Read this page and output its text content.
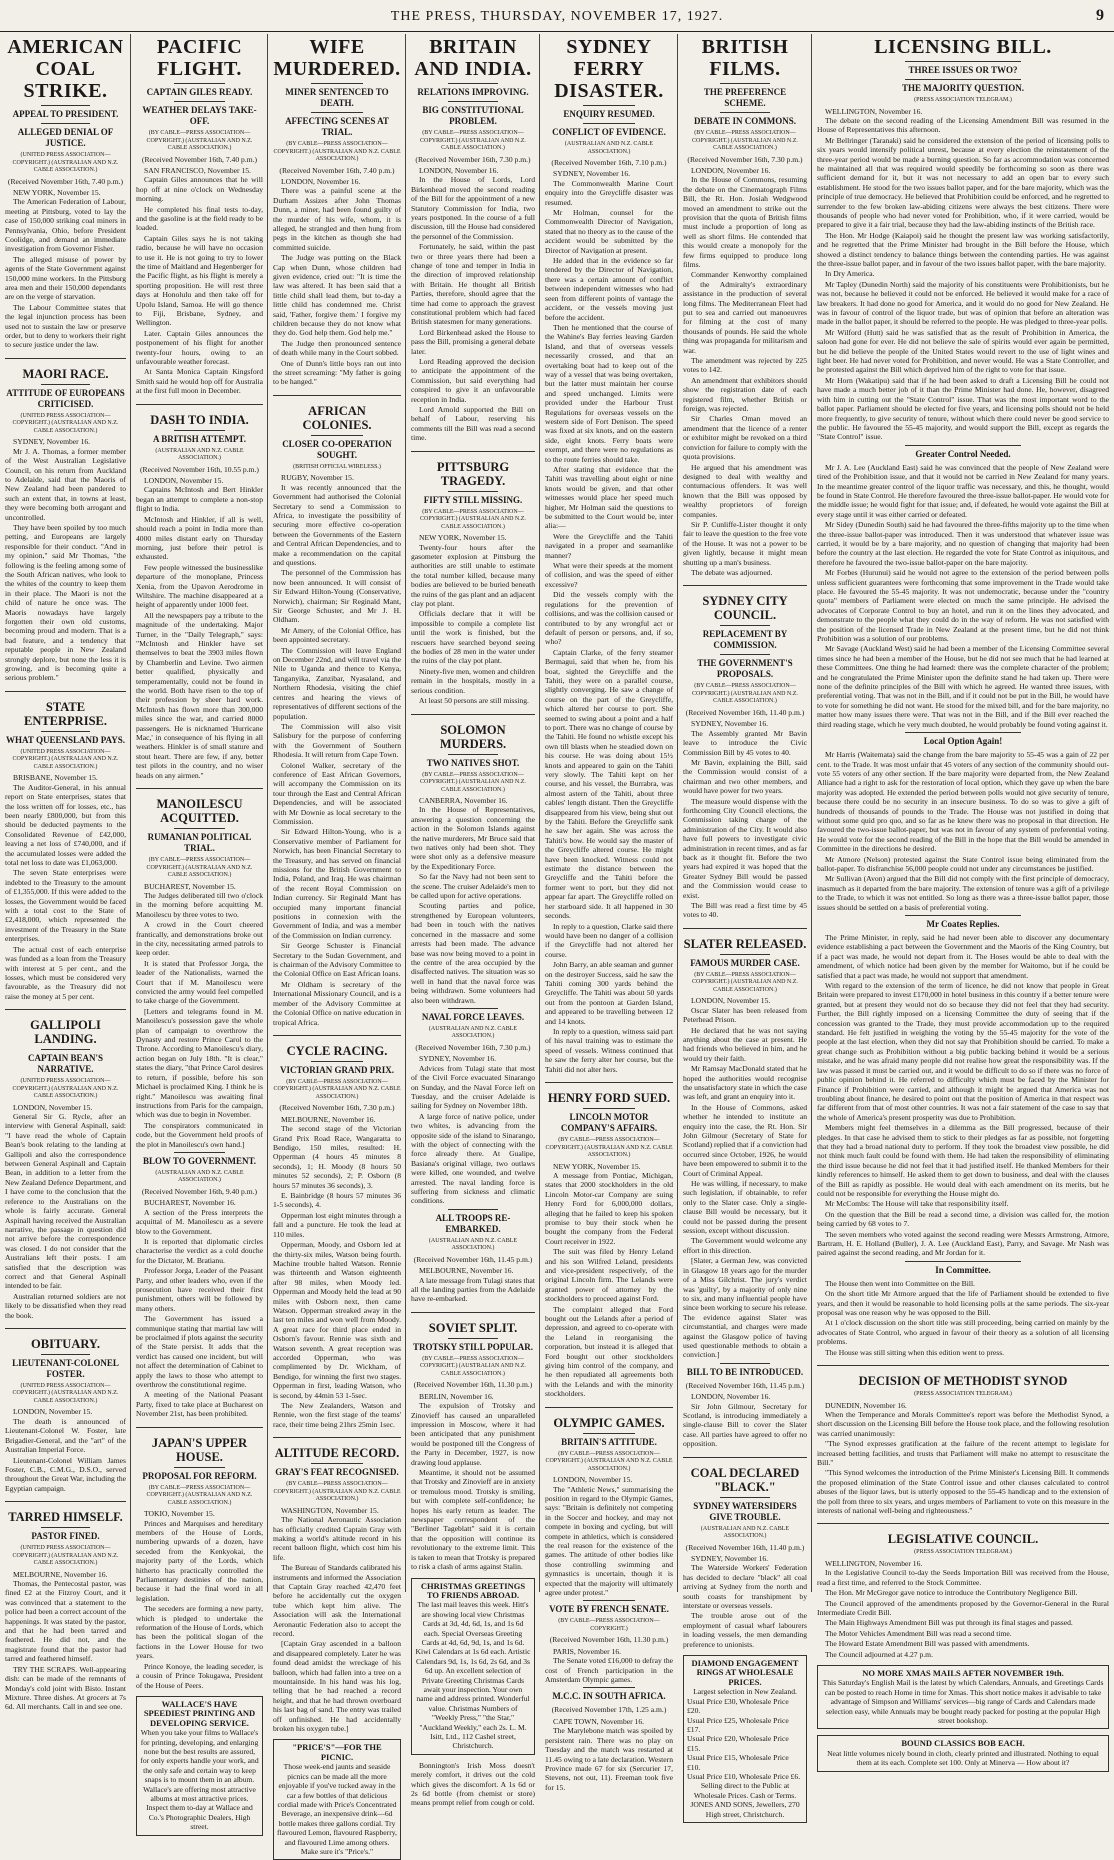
THE PRESS, THURSDAY, NOVEMBER 17, 1927.	9
AMERICAN COAL STRIKE.
APPEAL TO PRESIDENT.
ALLEGED DENIAL OF JUSTICE.
(UNITED PRESS ASSOCIATION—COPYRIGHT.) (AUSTRALIAN AND N.Z. CABLE ASSOCIATION.)
(Received November 16th, 7.40 p.m.)
NEW YORK, November 15.

The American Federation of Labour, meeting at Pittsburg, voted to lay the case of 150,000 striking coal miners in Pennsylvania, Ohio, before President Coolidge, and demand an immediate investigation from Governor Fisher.

The alleged misuse of power by agents of the State Government against 150,000 mine workers. In the Pittsburg area men and their 150,000 dependants are on the verge of starvation.

The Labour Committee states that the legal injunction process has been used not to sustain the law or preserve order, but to deny to workers their right to secure justice under the law.

MAORI RACE.
ATTITUDE OF EUROPEANS CRITICISED.
(UNITED PRESS ASSOCIATION—COPYRIGHT.) (AUSTRALIAN AND N.Z. CABLE ASSOCIATION.)
SYDNEY, November 16.

Mr J. A. Thomas, a former member of the West Australian Legislative Council, on his return from Auckland to Adelaide, said that the Maoris of New Zealand had been pandered to such an extent that, in towns at least, they were becoming both arrogant and uncontrolled.

They have been spoiled by too much petting, and Europeans are largely responsible for their conduct. "And in my opinion," said Mr Thomas, "the following is the feeling among some of the South African natives, who look to the whites of the country to keep them in their place. The Maori is not the child of nature he once was. The Maoris nowadays have largely forgotten their own old customs, becoming proud and modern. That is a bad feature, and a tendency that reputable people in New Zealand strongly deplore, but none the less it is growing, and is becoming quite a serious problem."

STATE ENTERPRISE.
WHAT QUEENSLAND PAYS.
(UNITED PRESS ASSOCIATION—COPYRIGHT.) (AUSTRALIAN AND N.Z. CABLE ASSOCIATION.)
BRISBANE, November 15.

The Auditor-General, in his annual report on State enterprises, states that the loss written off for losses, etc., has been nearly £800,000, but from this should be deducted payments to the Consolidated Revenue of £42,000, leaving a net loss of £740,000, and if the accumulated losses were added the total net loss to date was £1,063,000.

The seven State enterprises were indebted to the Treasury to the amount of £1,355,000. If this were added to the losses, the Government would be faced with a total cost to the State of £2,418,000, which represented the investment of the Treasury in the State enterprises.

The actual cost of each enterprise was funded as a loan from the Treasury with interest at 5 per cent., and the losses, which must be considered very favourable, as the Treasury did not raise the money at 5 per cent.

GALLIPOLI LANDING.
CAPTAIN BEAN'S NARRATIVE.
(UNITED PRESS ASSOCIATION—COPYRIGHT.) (AUSTRALIAN AND N.Z. CABLE ASSOCIATION.)
LONDON, November 15.

General Sir G. Rycle, after an interview with General Aspinall, said: "I have read the whole of Captain Bean's book relating to the landing at Gallipoli and also the correspondence between General Aspinall and Captain Bean, in addition to a letter from the New Zealand Defence Department, and I have come to the conclusion that the reference to the Australians on the whole is fairly accurate. General Aspinall having received the Australian narrative, the passage in question did not arrive before the correspondence was closed. I do not consider that the Australians left their posts. I am satisfied that the description was correct and that General Aspinall intended to be fair.

Australian returned soldiers are not likely to be dissatisfied when they read the book.

OBITUARY.
LIEUTENANT-COLONEL FOSTER.
(UNITED PRESS ASSOCIATION—COPYRIGHT.) (AUSTRALIAN AND N.Z. CABLE ASSOCIATION.)
LONDON, November 15.

The death is announced of Lieutenant-Colonel W. Foster, late Brigadier-General, and the "art" of the Australian Imperial Force.

Lieutenant-Colonel William James Foster, C.B., C.M.G., D.S.O., served throughout the Great War, including the Egyptian campaign.

TARRED HIMSELF.
PASTOR FINED.
(UNITED PRESS ASSOCIATION—COPYRIGHT.) (AUSTRALIAN AND N.Z. CABLE ASSOCIATION.)
MELBOURNE, November 16.

Thomas, the Pentecostal pastor, was fined £2 at the Fitzroy Court, and it was convinced that a statement to the police had been a correct account of the happenings. It was stated by the pastor, and that he had been tarred and feathered. He did not, and the magistrate found that the pastor had tarred and feathered himself.

TRY THE SCRAPS. Well-appearing dish: can be made of the remnants of Monday's cold joint with Bisto. Instant Mixture. Three dishes. At grocers at 7s 6d. All merchants. Call in and see one.

PACIFIC FLIGHT.
CAPTAIN GILES READY.
WEATHER DELAYS TAKE-OFF.
(BY CABLE—PRESS ASSOCIATION—COPYRIGHT.) (AUSTRALIAN AND N.Z. CABLE ASSOCIATION.)
(Received November 16th, 7.40 p.m.)
SAN FRANCISCO, November 15.

Captain Giles announces that he will hop off at nine o'clock on Wednesday morning.

He completed his final tests to-day, and the gasoline is at the field ready to be loaded.

Captain Giles says he is not taking radio, because he will have no occasion to use it. He is not going to try to lower the time of Maitland and Hegenberger for the Pacific flight, as his flight is merely a sporting proposition. He will rest three days at Honolulu and then take off for Upolu Island, Samoa. He will go thence to Fiji, Brisbane, Sydney, and Wellington.

Later. Captain Giles announces the postponement of his flight for another twenty-four hours, owing to an unfavourable weather forecast.

At Santa Monica Captain Kingsford Smith said he would hop off for Australia at the first full moon in December.

DASH TO INDIA.
A BRITISH ATTEMPT.
(AUSTRALIAN AND N.Z. CABLE ASSOCIATION.)
(Received November 16th, 10.55 p.m.)
LONDON, November 15.

Captains McIntosh and Bert Hinkler began an attempt to complete a non-stop flight to India.

McIntosh and Hinkler, if all is well, should reach a point in India more than 4000 miles distant early on Thursday morning, just before their petrol is exhausted.

Few people witnessed the businesslike departure of the monoplane, Princess Xenia, from the Upavon Aerodrome in Wiltshire. The machine disappeared at a height of apparently under 1000 feet.

All the newspapers pay a tribute to the magnitude of the undertaking. Major Turner, in the "Daily Telegraph," says: "McIntosh and Hinkler have set themselves to beat the 3903 miles flown by Chamberlin and Levine. Two airmen better qualified, physically and temperamentally, could not be found in the world. Both have risen to the top of their profession by sheer hard work. McIntosh has flown more than 300,000 miles since the war, and carried 8000 passengers. He is nicknamed 'Hurricane Mac,' in consequence of his flying in all weathers. Hinkler is of small stature and stout heart. There are few, if any, better test pilots in the country, and no wiser heads on any airmen."

MANOILESCU ACQUITTED.
RUMANIAN POLITICAL TRIAL.
(BY CABLE—PRESS ASSOCIATION—COPYRIGHT.) (AUSTRALIAN AND N.Z. CABLE ASSOCIATION.)
BUCHAREST, November 15.

The Judges deliberated till two o'clock in the morning before acquitting M. Manoilescu by three votes to two.

A crowd in the Court cheered frantically, and demonstrations broke out in the city, necessitating armed patrols to keep order.

It is stated that Professor Jorga, the leader of the Nationalists, warned the Court that if M. Manoilescu were convicted the army would feel compelled to take charge of the Government.

[Letters and telegrams found in M. Manoilescu's possession gave the whole plan of campaign to overthrow the Dynasty and restore Prince Carol to the Throne. According to Manoilescu's diary, action began on July 18th. "It is clear," states the diary, "that Prince Carol desires to return, if possible, before his son Michael is proclaimed King. I think he is right." Manoilescu was awaiting final instructions from Paris for the campaign, which was due to begin in November.

The conspirators communicated in code, but the Government held proofs of the plot in Manoilescu's own hand.]

BLOW TO GOVERNMENT.
(AUSTRALIAN AND N.Z. CABLE ASSOCIATION.)
(Received November 16th, 9.40 p.m.)
BUCHAREST, November 16.

A section of the Press interprets the acquittal of M. Manoilescu as a severe blow to the Government.

It is reported that diplomatic circles characterise the verdict as a cold douche for the Dictator, M. Bratianu.

Professor Jorga, Leader of the Peasant Party, and other leaders who, even if the prosecution have received their first punishment, others will be followed by many others.

The Government has issued a communique stating that martial law will be proclaimed if plots against the security of the State persist. It adds that the verdict has caused one incident, but will not affect the determination of Cabinet to apply the laws to those who attempt to overthrow the constitutional regime.

A meeting of the National Peasant Party, fixed to take place at Bucharest on November 21st, has been prohibited.

JAPAN'S UPPER HOUSE.
PROPOSAL FOR REFORM.
(BY CABLE—PRESS ASSOCIATION—COPYRIGHT.) (AUSTRALIAN AND N.Z. CABLE ASSOCIATION.)
TOKIO, November 15.

Princes and Marquises and hereditary members of the House of Lords, numbering upwards of a dozen, have seceded from the Kenkyokai, the majority party of the Lords, which hitherto has practically controlled the Parliamentary destinies of the nation, because it had the final word in all legislation.

The seceders are forming a new party, which is pledged to undertake the reformation of the House of Lords, which has been the political slogan of the factions in the Lower House for two years.

Prince Konoye, the leading seceder, is a cousin of Prince Tokugawa, President of the House of Peers.

WALLACE'S HAVE SPEEDIEST PRINTING AND DEVELOPING SERVICE.
When you take your films to Wallace's for printing, developing, and enlarging none but the best results are assured, for only experts handle your work, and the only safe and certain way to keep snaps is to mount them in an album. Wallace's are offering most attractive albums at most attractive prices. Inspect them to-day at Wallace and Co.'s Photographic Dealers, High street.
WIFE MURDERED.
MINER SENTENCED TO DEATH.
AFFECTING SCENES AT TRIAL.
(BY CABLE—PRESS ASSOCIATION—COPYRIGHT.) (AUSTRALIAN AND N.Z. CABLE ASSOCIATION.)
(Received November 16th, 7.40 p.m.)
LONDON, November 16.

There was a painful scene at the Durham Assizes after John Thomas Dunn, a miner, had been found guilty of the murder of his wife, whom, it is alleged, he strangled and then hung from pegs in the kitchen as though she had committed suicide.

The Judge was putting on the Black Cap when Dunn, whose children had given evidence, cried out: "It is time the law was altered. It has been said that a little child shall lead them, but to-day a little child has condemned me. Christ said, 'Father, forgive them.' I forgive my children because they do not know what they do. God help them. God help me."

The Judge then pronounced sentence of death while many in the Court sobbed.

One of Dunn's little boys ran out into the street screaming: "My father is going to be hanged."

AFRICAN COLONIES.
CLOSER CO-OPERATION SOUGHT.
(BRITISH OFFICIAL WIRELESS.)
RUGBY, November 15.

It was recently announced that the Government had authorised the Colonial Secretary to send a Commission to Africa, to investigate the possibility of securing more effective co-operation between the Governments of the Eastern and Central African Dependencies, and to make a recommendation on the capital and questions.

The personnel of the Commission has now been announced. It will consist of Sir Edward Hilton-Young (Conservative, Norwich), chairman; Sir Reginald Mant, Sir George Schuster, and Mr J. H. Oldham.

Mr Amery, of the Colonial Office, has been appointed secretary.

The Commission will leave England on December 22nd, and will travel via the Nile to Uganda and thence to Kenya, Tanganyika, Zanzibar, Nyasaland, and Northern Rhodesia, visiting the chief centres and hearing the views of representatives of different sections of the population.

The Commission will also visit Salisbury for the purpose of conferring with the Government of Southern Rhodesia. It will return from Cape Town.

Colonel Walker, secretary of the conference of East African Governors, will accompany the Commission on its tour through the East and Central African Dependencies, and will be associated with Mr Downie as local secretary to the Commission.

Sir Edward Hilton-Young, who is a Conservative member of Parliament for Norwich, has been Financial Secretary to the Treasury, and has served on financial missions for the British Government to India, Poland, and Iraq. He was chairman of the recent Royal Commission on Indian currency. Sir Reginald Mant has occupied many important financial positions in connexion with the Government of India, and was a member of the Commission on Indian currency.

Sir George Schuster is Financial Secretary to the Sudan Government, and is chairman of the Advisory Committee to the Colonial Office on East African loans.

Mr Oldham is secretary of the International Missionary Council, and is a member of the Advisory Committee at the Colonial Office on native education in tropical Africa.

CYCLE RACING.
VICTORIAN GRAND PRIX.
(BY CABLE—PRESS ASSOCIATION—COPYRIGHT.) (AUSTRALIAN AND N.Z. CABLE ASSOCIATION.)
(Received November 16th, 7.30 p.m.)
MELBOURNE, November 16.

The second stage of the Victorian Grand Prix Road Race, Wangaratta to Bendigo, 150 miles, resulted: H. Opperman (4 hours 45 minutes 8 seconds), 1; H. Moody (8 hours 50 minutes 52 seconds), 2; P. Osborn (8 hours 57 minutes 36 seconds), 3.

E. Bainbridge (8 hours 57 minutes 36 1-5 seconds), 4.

Opperman lost eight minutes through a fall and a puncture. He took the lead at 110 miles.

Opperman, Moody, and Osborn led at the thirty-six miles, Watson being fourth. Machine trouble halted Watson. Rennie was thirteenth and Watson eighteenth after 98 miles, when Moody led. Opperman and Moody held the lead at 90 miles with Osborn next, then came Watson. Opperman streaked away in the last ten miles and won well from Moody. A great race for third place ended in Osborn's favour. Rennie was sixth and Watson seventh. A great reception was accorded Opperman, who was complimented by Dr. Wickham, of Bendigo, for winning the first two stages. Opperman in first, leading Watson, who is second, by 44min 53 1-5sec.

The New Zealanders, Watson and Rennie, won the first stage of the teams' race, their time being 21hrs 25min 1sec.

ALTITUDE RECORD.
GRAY'S FEAT RECOGNISED.
(BY CABLE—PRESS ASSOCIATION—COPYRIGHT.) (AUSTRALIAN AND N.Z. CABLE ASSOCIATION.)
WASHINGTON, November 15.

The National Aeronautic Association has officially credited Captain Gray with making a world's altitude record in his recent balloon flight, which cost him his life.

The Bureau of Standards calibrated his instruments and informed the Association that Captain Gray reached 42,470 feet before he accidentally cut the oxygen tube which kept him alive. The Association will ask the International Aeronautic Federation also to accept the record.

[Captain Gray ascended in a balloon and disappeared completely. Later he was found dead amidst the wreckage of his balloon, which had fallen into a tree on a mountainside. In his hand was his log, telling that he had reached a record height, and that he had thrown overboard his last bag of sand. The entry was trailed off unfinished. He had accidentally broken his oxygen tube.]

"PRICE'S"—FOR THE PICNIC.
Those week-end jaunts and seaside picnics can be made all the more enjoyable if you've tucked away in the car a few bottles of that delicious cordial made with Price's Concentrated Beverage, an inexpensive drink—6d bottle makes three gallons cordial. Try flavoured Lemon, flavoured Raspberry, and flavoured Lime among others. Make sure it's "Price's."
BRITAIN AND INDIA.
RELATIONS IMPROVING.
BIG CONSTITUTIONAL PROBLEM.
(BY CABLE—PRESS ASSOCIATION—COPYRIGHT.) (AUSTRALIAN AND N.Z. CABLE ASSOCIATION.)
(Received November 16th, 7.30 p.m.)
LONDON, November 16.

In the House of Lords, Lord Birkenhead moved the second reading of the Bill for the appointment of a new Statutory Commission for India, two years postponed. In the course of a full discussion, till the House had considered the personnel of the Commission.

Fortunately, he said, within the past two or three years there had been a change of tone and temper in India in the direction of improved relationship with Britain. He thought all British Parties, therefore, should agree that the time had come to approach the gravest constitutional problem which had faced British statesmen for many generations.

Lord Birkenhead asked the House to pass the Bill, promising a general debate later.

Lord Reading approved the decision to anticipate the appointment of the Commission, but said everything had conspired to give it an unfavourable reception in India.

Lord Arnold supported the Bill on behalf of Labour, reserving his comments till the Bill was read a second time.

PITTSBURG TRAGEDY.
FIFTY STILL MISSING.
(BY CABLE—PRESS ASSOCIATION—COPYRIGHT.) (AUSTRALIAN AND N.Z. CABLE ASSOCIATION.)
NEW YORK, November 15.

Twenty-four hours after the gasometer explosion at Pittsburg the authorities are still unable to estimate the total number killed, because many bodies are believed to be buried beneath the ruins of the gas plant and an adjacent clay pot plant.

Officials declare that it will be impossible to compile a complete list until the work is finished, but the rescuers have searched beyond seeing the bodies of 28 men in the water under the ruins of the clay pot plant.

Ninety-five men, women and children remain in the hospitals, mostly in a serious condition.

At least 50 persons are still missing.

SOLOMON MURDERS.
TWO NATIVES SHOT.
(BY CABLE—PRESS ASSOCIATION—COPYRIGHT.) (AUSTRALIAN AND N.Z. CABLE ASSOCIATION.)
CANBERRA, November 16.

In the House of Representatives, answering a question concerning the action in the Solomon Islands against the native murderers, Mr Bruce said that two natives only had been shot. They were shot only as a defensive measure by the Expeditionary Force.

So far the Navy had not been sent to the scene. The cruiser Adelaide's men to be called upon for active operations.

Scouting parties and police, strengthened by European volunteers, had been in touch with the natives concerned in the massacre and some arrests had been made. The advance base was now being moved to a point in the centre of the area occupied by the disaffected natives. The situation was so well in hand that the naval force was being withdrawn. Some volunteers had also been withdrawn.

NAVAL FORCE LEAVES.
(AUSTRALIAN AND N.Z. CABLE ASSOCIATION.)
(Received November 16th, 7.30 p.m.)
SYDNEY, November 16.

Advices from Tulagi state that most of the Civil Force evacuated Sinarango on Sunday, and the Naval Force left on Tuesday, and the cruiser Adelaide is sailing for Sydney on November 18th.

A large force of native police, under two whites, is advancing from the opposite side of the island to Sinarango, with the object of connecting with the force already there. At Gualipe, Basiana's original village, two outlaws were killed, one wounded, and twelve arrested. The naval landing force is suffering from sickness and climatic conditions.

ALL TROOPS RE-EMBARKED.
(AUSTRALIAN AND N.Z. CABLE ASSOCIATION.)
(Received November 16th, 11.45 p.m.)
MELBOURNE, November 16.

A late message from Tulagi states that all the landing parties from the Adelaide have re-embarked.

SOVIET SPLIT.
TROTSKY STILL POPULAR.
(BY CABLE—PRESS ASSOCIATION—COPYRIGHT.) (AUSTRALIAN AND N.Z. CABLE ASSOCIATION.)
(Received November 16th, 11.30 p.m.)
BERLIN, November 16.

The expulsion of Trotsky and Zinovieff has caused an unparalleled impression in Moscow, where it had been anticipated that any punishment would be postponed till the Congress of the Party in December, 1927, is now drawing loud applause.

Meantime, it should not be assumed that Trotsky and Zinovieff are in anxiety or tremulous mood. Trotsky is smiling, but with complete self-confidence; he hopes his early return as leader. The newspaper correspondent of the "Berliner Tageblatt" said it is certain that the opposition will continue its revolutionary to the extreme limit. This is taken to mean that Trotsky is prepared to risk a clash of arms against Stalin.

CHRISTMAS GREETINGS TO FRIENDS ABROAD.
The last mail leaves this week. Hitt's are showing local view Christmas Cards at 3d, 4d, 6d, 1s, and 1s 6d each. Special Overseas Greeting Cards at 4d, 6d, 9d, 1s, and 1s 6d. Kiwi Calendars at 1s 6d each. Artistic Calendars 9d, 1s, 1s 6d, 2s 6d, and 3s 6d up. An excellent selection of Private Greeting Christmas Cards await your inspection. Your own name and address printed. Wonderful value. Christmas Numbers of "Weekly Press," "the Star," "Auckland Weekly," each 2s. L. M. Isitt, Ltd., 112 Cashel street, Christchurch.

Bonnington's Irish Moss doesn't merely comfort, it drives out the cold which gives the discomfort. A 1s 6d or 2s 6d bottle (from chemist or store) means prompt relief from cough or cold.

SYDNEY FERRY DISASTER.
ENQUIRY RESUMED.
CONFLICT OF EVIDENCE.
(AUSTRALIAN AND N.Z. CABLE ASSOCIATION.)
(Received November 16th, 7.10 p.m.)
SYDNEY, November 16.

The Commonwealth Marine Court enquiry into the Greycliffe disaster was resumed.

Mr Holman, counsel for the Commonwealth Director of Navigation, stated that no theory as to the cause of the accident would be submitted by the Director of Navigation at present.

He added that in the evidence so far tendered by the Director of Navigation, there was a certain amount of conflict between independent witnesses who had seen from different points of vantage the accident, or the vessels moving just before the accident.

Then he mentioned that the course of the Wahine's Bay ferries leaving Garden Island, and that of overseas vessels necessarily crossed, and that an overtaking boat had to keep out of the way of a vessel that was being overtaken, but the latter must maintain her course and speed unchanged. Limits were provided under the Harbour Trust Regulations for overseas vessels on the western side of Fort Denison. The speed was fixed at six knots, and on the eastern side, eight knots. Ferry boats were exempt, and there were no regulations as to the route ferries should take.

After stating that evidence that the Tahiti was travelling about eight or nine knots would be given, and that other witnesses would place her speed much higher, Mr Holman said the questions to be submitted to the Court would be, inter alia:—

Were the Greycliffe and the Tahiti navigated in a proper and seamanlike manner?

What were their speeds at the moment of collision, and was the speed of either excessive?

Did the vessels comply with the regulations for the prevention of collisions, and was the collision caused or contributed to by any wrongful act or default of person or persons, and, if so, who?

Captain Clarke, of the ferry steamer Bermagui, said that when he, from his boat, sighted the Greycliffe and the Tahiti, they were on a parallel course, slightly converging. He saw a change of course on the part of the Greycliffe, which altered her course to port. She seemed to swing about a point and a half to port. There was no change of course by the Tahiti. He found no whistle except his own till blasts when he steadied down on his course. He was doing about 15½ knots and appeared to gain on the Tahiti very slowly. The Tahiti kept on her course, and his vessel, the Burrabra, was almost astern of the Tahiti, about three cables' length distant. Then the Greycliffe disappeared from his view, being shut out by the Tahiti. Before the Greycliffe sank he saw her again. She was across the Tahiti's bow. He would say the master of the Greycliffe altered course. He might have been knocked. Witness could not estimate the distance between the Greycliffe and the Tahiti before the former went to port, but they did not appear far apart. The Greycliffe rolled on her starboard side. It all happened in 30 seconds.

In reply to a question, Clarke said there would have been no danger of a collision if the Greycliffe had not altered her course.

John Barry, an able seaman and gunner on the destroyer Success, said he saw the Tahiti coming 300 yards behind the Greycliffe. The Tahiti was about 50 yards out from the pontoon at Garden Island, and appeared to be travelling between 12 and 14 knots.

In reply to a question, witness said part of his naval training was to estimate the speed of vessels. Witness continued that he saw the ferry alter her course, but the Tahiti did not alter hers.

HENRY FORD SUED.
LINCOLN MOTOR COMPANY'S AFFAIRS.
(BY CABLE—PRESS ASSOCIATION—COPYRIGHT.) (AUSTRALIAN AND N.Z. CABLE ASSOCIATION.)
NEW YORK, November 15.

A message from Pontiac, Michigan, states that 2000 stockholders in the old Lincoln Motor-car Company are suing Henry Ford for 6,000,000 dollars, alleging that he failed to keep his spoken promise to buy their stock when he bought the company from the Federal Court receiver in 1922.

The suit was filed by Henry Leland and his son Wilfred Leland, presidents and vice-president respectively, of the original Lincoln firm. The Lelands were granted power of attorney by the stockholders to proceed against Ford.

The complaint alleged that Ford bought out the Lelands after a period of depression, and agreed to co-operate with the Leland in reorganising the corporation, but instead it is alleged that Ford bought out other stockholders giving him control of the company, and he then repudiated all agreements both with the Lelands and with the minority stockholders.

OLYMPIC GAMES.
BRITAIN'S ATTITUDE.
(BY CABLE—PRESS ASSOCIATION—COPYRIGHT.) (AUSTRALIAN AND N.Z. CABLE ASSOCIATION.)
LONDON, November 15.

The "Athletic News," summarising the position in regard to the Olympic Games, says: "Britain is definitely not competing in the Soccer and hockey, and may not compete in boxing and cycling, but will compete in athletics, which is considered the real reason for the existence of the games. The attitude of other bodies like those controlling swimming and gymnastics is uncertain, though it is expected that the majority will ultimately agree under protest."

VOTE BY FRENCH SENATE.
(BY CABLE—PRESS ASSOCIATION—COPYRIGHT.)
(Received November 16th, 11.30 p.m.)
PARIS, November 16.

The Senate voted £16,000 to defray the cost of French participation in the Amsterdam Olympic games.

M.C.C. IN SOUTH AFRICA.
(Received November 17th, 1.25 a.m.)
CAPE TOWN, November 16.

The Marylebone match was spoiled by persistent rain. There was no play on Tuesday and the match was restarted at 11.45 owing to a late declaration. Western Province made 67 for six (Sercurier 17, Stevens, not out, 11). Freeman took five for 15.

BRITISH FILMS.
THE PREFERENCE SCHEME.
DEBATE IN COMMONS.
(BY CABLE—PRESS ASSOCIATION—COPYRIGHT.) (AUSTRALIAN AND N.Z. CABLE ASSOCIATION.)
(Received November 16th, 7.30 p.m.)
LONDON, November 16.

In the House of Commons, resuming the debate on the Cinematograph Films Bill, the Rt. Hon. Josiah Wedgwood moved an amendment to strike out the provision that the quota of British films must include a proportion of long as well as short films. He contended that this would create a monopoly for the few firms equipped to produce long films.

Commander Kenworthy complained of the Admiralty's extraordinary assistance in the production of several long films. The Mediterranean Fleet had put to sea and carried out manoeuvres for filming at the cost of many thousands of pounds. He said the whole thing was propaganda for militarism and war.

The amendment was rejected by 225 votes to 142.

An amendment that exhibitors should show the registration date of each registered film, whether British or foreign, was rejected.

Sir Charles Oman moved an amendment that the licence of a renter or exhibitor might be revoked on a third conviction for failure to comply with the quota provisions.

He argued that his amendment was designed to deal with wealthy and contumacious offenders. It was well known that the Bill was opposed by wealthy proprietors of foreign companies.

Sir P. Cunliffe-Lister thought it only fair to leave the question to the free vote of the House. It was not a power to be given lightly, because it might mean shutting up a man's business.

The debate was adjourned.

SYDNEY CITY COUNCIL.
REPLACEMENT BY COMMISSION.
THE GOVERNMENT'S PROPOSALS.
(BY CABLE—PRESS ASSOCIATION—COPYRIGHT.) (AUSTRALIAN AND N.Z. CABLE ASSOCIATION.)
(Received November 16th, 11.40 p.m.)
SYDNEY, November 16.

The Assembly granted Mr Bavin leave to introduce the Civic Commission Bill by 45 votes to 40.

Mr Bavin, explaining the Bill, said the Commission would consist of a chairman and two other members, and would have power for two years.

The measure would dispense with the forthcoming City Council elections, the Commission taking charge of the administration of the City. It would also have full powers to investigate civic administration in recent times, and as far back as it thought fit. Before the two years had expired it was hoped that the Greater Sydney Bill would be passed and the Commission would cease to exist.

The Bill was read a first time by 45 votes to 40.

SLATER RELEASED.
FAMOUS MURDER CASE.
(BY CABLE—PRESS ASSOCIATION—COPYRIGHT.) (AUSTRALIAN AND N.Z. CABLE ASSOCIATION.)
LONDON, November 15.

Oscar Slater has been released from Peterhead Prison.

He declared that he was not saying anything about the case at present. He had friends who believed in him, and he would try their faith.

Mr Ramsay MacDonald stated that he hoped the authorities would recognise the unsatisfactory state in which the case was left, and grant an enquiry into it.

In the House of Commons, asked whether he intended to institute an enquiry into the case, the Rt. Hon. Sir John Gilmour (Secretary of State for Scotland) replied that if a conviction had occurred since October, 1926, he would have been empowered to submit it to the Court of Criminal Appeal.

He was willing, if necessary, to make such legislation, if obtainable, to refer only to the Slater case. Only a single-clause Bill would be necessary, but it could not be passed during the present session, except without discussion.

The Government would welcome any effort in this direction.

[Slater, a German Jew, was convicted in Glasgow 18 years ago for the murder of a Miss Gilchrist. The jury's verdict was 'guilty', by a majority of only nine to six, and many influential people have since been working to secure his release. The evidence against Slater was circumstantial, and charges were made against the Glasgow police of having used questionable methods to obtain a conviction.]

BILL TO BE INTRODUCED.
(Received November 16th, 11.45 p.m.)
LONDON, November 16.

Sir John Gilmour, Secretary for Scotland, is introducing immediately a single-clause Bill to cover the Slater case. All parties have agreed to offer no opposition.

COAL DECLARED "BLACK."
SYDNEY WATERSIDERS GIVE TROUBLE.
(AUSTRALIAN AND N.Z. CABLE ASSOCIATION.)
(Received November 16th, 11.40 p.m.)
SYDNEY, November 16.

The Waterside Workers' Federation has decided to declare "black" all coal arriving at Sydney from the north and south coasts for transhipment by interstate or overseas vessels.

The trouble arose out of the employment of casual wharf labourers in loading vessels, the men demanding preference to unionists.

DIAMOND ENGAGEMENT RINGS AT WHOLESALE PRICES.
Largest selection in New Zealand.
Usual Price £30, Wholesale Price £20.
Usual Price £25, Wholesale Price £17.
Usual Price £20, Wholesale Price £15.
Usual Price £15, Wholesale Price £10.
Usual Price £10, Wholesale Price £6.
Selling direct to the Public at Wholesale Prices. Cash or Terms. JONES AND SONS, Jewellers, 270 High street, Christchurch.
LICENSING BILL.
THREE ISSUES OR TWO?
THE MAJORITY QUESTION.
(PRESS ASSOCIATION TELEGRAM.)
WELLINGTON, November 16.

The debate on the second reading of the Licensing Amendment Bill was resumed in the House of Representatives this afternoon.

Mr Bellringer (Taranaki) said he considered the extension of the period of licensing polls to six years would intensify political unrest, because at every election the reinstatement of the three-year period would be made a burning question. So far as accommodation was concerned he maintained all that was required would speedily be forthcoming so soon as there was sufficient demand for it, but it was not necessary to add an open bar to every such establishment. He stood for the two issues ballot paper, and for the bare majority, which was the principle of true democracy. He believed that Prohibition could be enforced, and he regretted to surrender to the few broken law-abiding citizens were always the best citizens. There were thousands of people who had never voted for Prohibition, who, if it were carried, would be prepared to give it a fair trial, because they had the law-abiding instincts of the British race.

The Hon. Mr Hodge (Kaiapoi) said he thought the present law was working satisfactorily, and he regretted that the Prime Minister had brought in the Bill before the House, which showed a distinct tendency to balance things between the contending parties. He was against the three-issue ballot paper, and in favour of the two issues ballot paper, with the bare majority.

In Dry America.

Mr Tapley (Dunedin North) said the majority of his constituents were Prohibitionists, but he was not, because he believed it could not be enforced. He believed it would make for a race of law breakers. It had done no good for America, and it would do no good for New Zealand. He was in favour of control of the liquor trade, but was of opinion that before an alteration was made in the ballot paper, it should be referred to the people. He was pledged to three-year polls.

Mr Wilford (Hutt) said he was satisfied that as the result of Prohibition in America, the saloon had gone for ever. He did not believe the sale of spirits would ever again be permitted, but he did believe the people of the United States would revert to the use of light wines and light beer. He had never voted for Prohibition, and never would. He was a State Controller, and he protested against the Bill which deprived him of the right to vote for that issue.

Mr Horn (Wakatipu) said that if he had been asked to draft a Licensing Bill he could not have made a much better job of it than the Prime Minister had done. He, however, disagreed with him in cutting out the "State Control" issue. That was the most important word to the ballot paper. Parliament should be elected for five years, and licensing polls should not be held more frequently, to give security of tenure, without which there could never be good service to the public. He favoured the 55-45 majority, and would support the Bill, except as regards the "State Control" issue.

Greater Control Needed.

Mr J. A. Lee (Auckland East) said he was convinced that the people of New Zealand were tired of the Prohibition issue, and that it would not be carried in New Zealand for many years. In the meantime greater control of the liquor traffic was necessary, and this, he thought, would be found in State Control. He therefore favoured the three-issue ballot-paper. He would vote for the middle issue; he would fight for that issue; and, if defeated, he would vote against the Bill at every stage until it was either carried or defeated.

Mr Sidey (Dunedin South) said he had favoured the three-fifths majority up to the time when the three-issue ballot-paper was introduced. Then it was understood that whatever issue was carried, it would be by a bare majority, and no question of changing that majority had been before the country at the last election. He regarded the vote for State Control as iniquitous, and therefore he favoured the two-issue ballot-paper on the bare majority.

Mr Forbes (Hurunui) said he would not agree to the extension of the period between polls unless sufficient guarantees were forthcoming that some improvement in the Trade would take place. He favoured the 55-45 majority. It was not undemocratic, because under the "country quota" members of Parliament were elected on much the same principle. He advised the advocates of Corporate Control to buy an hotel, and run it on the lines they advocated, and demonstrate to the people what they could do in the way of reform. He was not satisfied with the position of the licensed Trade in New Zealand at the present time, but he did not think Prohibition was a solution of our problems.

Mr Savage (Auckland West) said he had been a member of the Licensing Committee several times since he had been a member of the House, but he did not see much that he had learned at these Committees. One thing he had learned: there was the complete character of the problem; and he congratulated the Prime Minister upon the definite stand he had taken up. There were none of the definite principles of the Bill with which he agreed. He wanted three issues, with preferential voting. That was not in the Bill, and if it could not be put in the Bill, he would have to vote for something he did not want. He stood for the mixed bill, and for the bare majority, no matter how many issues there were. That was not in the Bill, and if the Bill ever reached the third reading stage, which he very much doubted, he would probably be found voting against it.

Local Option Again!

Mr Harris (Waitemata) said the change from the bare majority to 55-45 was a gain of 22 per cent. to the Trade. It was most unfair that 45 voters of any section of the community should out-vote 55 voters of any other section. If the bare majority were departed from, the New Zealand Alliance had a right to ask for the restoration of local option, which they gave up when the bare majority was adopted. He extended the period between polls would not give security of tenure, because there could be no security in an insecure business. To do so was to give a gift of hundreds of thousands of pounds to the Trade. The House was not justified in doing that without some quid pro quo, and so far as he knew there was no proposal in that direction. He favoured the two-issue ballot-paper, but was not in favour of any system of preferential voting. He would vote for the second reading of the Bill in the hope that the Bill would be amended in Committee in the directions he desired.

Mr Atmore (Nelson) protested against the State Control issue being eliminated from the ballot-paper. To disfranchise 56,000 people could not under any circumstances be justified.

Mr Sullivan (Avon) argued that the Bill did not comply with the first principle of democracy, inasmuch as it departed from the bare majority. The extension of tenure was a gift of a privilege to the Trade, to which it was not entitled. So long as there was a three-issue ballot paper, those issues should be settled on a basis of preferential voting.

Mr Coates Replies.

The Prime Minister, in reply, said he had never been able to discover any documentary evidence establishing a pact between the Government and the Maoris of the King Country, but if a pact was made, he would not depart from it. The Hoses would be able to deal with the amendment, of which notice had been given by the member for Waitomo, but if he could be satisfied that a pact was made, he would not support that amendment.

With regard to the extension of the term of licence, he did not know that people in Great Britain were prepared to invest £170,000 in hotel business in this country if a better tenure were granted, but at present they would not do so because they did not feel that they had security. Further, the Bill rightly imposed on a licensing Committee the duty of seeing that if the concession was granted to the Trade, they must provide accommodation up to the required standard. He felt justified in weighing the voting by the 55-45 majority for the vote of the people at the last election, when they did not say that Prohibition should be carried. To make a great change such as Prohibition without a big public backing behind it would be a serious mistake, and he was afraid many people did not realise how great the responsibility was. If the law was passed it must be carried out, and it would be difficult to do so if there was no force of public opinion behind it. He referred to difficulty which must be faced by the Minister for Finance if Prohibition were carried, and although it might be argued that America was not troubling about finance, he desired to point out that the position of America in that respect was far different from that of most other countries. It was not a fair statement of the case to say that the whole of America's present prosperity was due to Prohibition.

Members might feel themselves in a dilemma as the Bill progressed, because of their pledges. In that case he advised them to stick to their pledges as far as possible, not forgetting that they had a broad national duty to perform. If they took the broadest view possible, he did not think much fault could be found with them. He had taken the responsibility of eliminating the third issue because he did not feel that it had justified itself. He thanked Members for their kindly references to himself. He asked them to get down to business, and deal with the clauses of the Bill as rapidly as possible. He would deal with each amendment on its merits, but he could not be responsible for everything the House might do.

Mr McCombs: The House will take that responsibility itself.

On the question that the Bill be read a second time, a division was called for, the motion being carried by 68 votes to 7.

The seven members who voted against the second reading were Messrs Armstrong, Atmore, Bartram, H. E. Holland (Buller), J. A. Lee (Auckland East), Parry, and Savage. Mr Nash was paired against the second reading, and Mr Jordan for it.

In Committee.

The House then went into Committee on the Bill.

On the short title Mr Atmore argued that the life of Parliament should be extended to five years, and then it would be reasonable to hold licensing polls at the same periods. The six-year proposal was one reason why he was opposed to the Bill.

At 1 o'clock discussion on the short title was still proceeding, being carried on mainly by the advocates of State Control, who argued in favour of their theory as a solution of all licensing problems.

The House was still sitting when this edition went to press.

DECISION OF METHODIST SYNOD
(PRESS ASSOCIATION TELEGRAM.)
DUNEDIN, November 16.

When the Temperance and Morals Committee's report was before the Methodist Synod, a short discussion on the Licensing Bill before the House took place, and the following resolution was carried unanimously:

"The Synod expresses gratification at the failure of the recent attempt to legislate for increased betting facilities, and trusts that Parliament will make no attempt to resuscitate the Bill."

"This Synod welcomes the introduction of the Prime Minister's Licensing Bill. It commends the proposed elimination of the State Control issue and other clauses calculated to control abuses of the liquor laws, but is utterly opposed to the 55-45 handicap and to the extension of the poll from three to six years, and urges members of Parliament to vote on this measure in the interests of national well-being and righteousness."

LEGISLATIVE COUNCIL.
(PRESS ASSOCIATION TELEGRAM.)
WELLINGTON, November 16.

In the Legislative Council to-day the Seeds Importation Bill was received from the House, read a first time, and referred to the Stock Committee.

The Hon. Mr McGregor gave notice to introduce the Contributory Negligence Bill.

The Council approved of the amendments proposed by the Governor-General in the Rural Intermediate Credit Bill.

The Main Highways Amendment Bill was put through its final stages and passed.

The Motor Vehicles Amendment Bill was read a second time.

The Howard Estate Amendment Bill was passed with amendments.

The Council adjourned at 4.27 p.m.

NO MORE XMAS MAILS AFTER NOVEMBER 19th.
This Saturday's English Mail is the latest by which Calendars, Annuals, and Greetings Cards can be posted to reach Home in time for Xmas. This short notice makes it advisable to take advantage of Simpson and Williams' services—big range of Cards and Calendars made selection easy, while Annuals may be bought ready packed for posting at the popular High street bookshop.
BOUND CLASSICS BOB EACH.
Neat little volumes nicely bound in cloth, clearly printed and illustrated. Nothing to equal them at its each. Complete set 100. Only at Minerva — How about it?
